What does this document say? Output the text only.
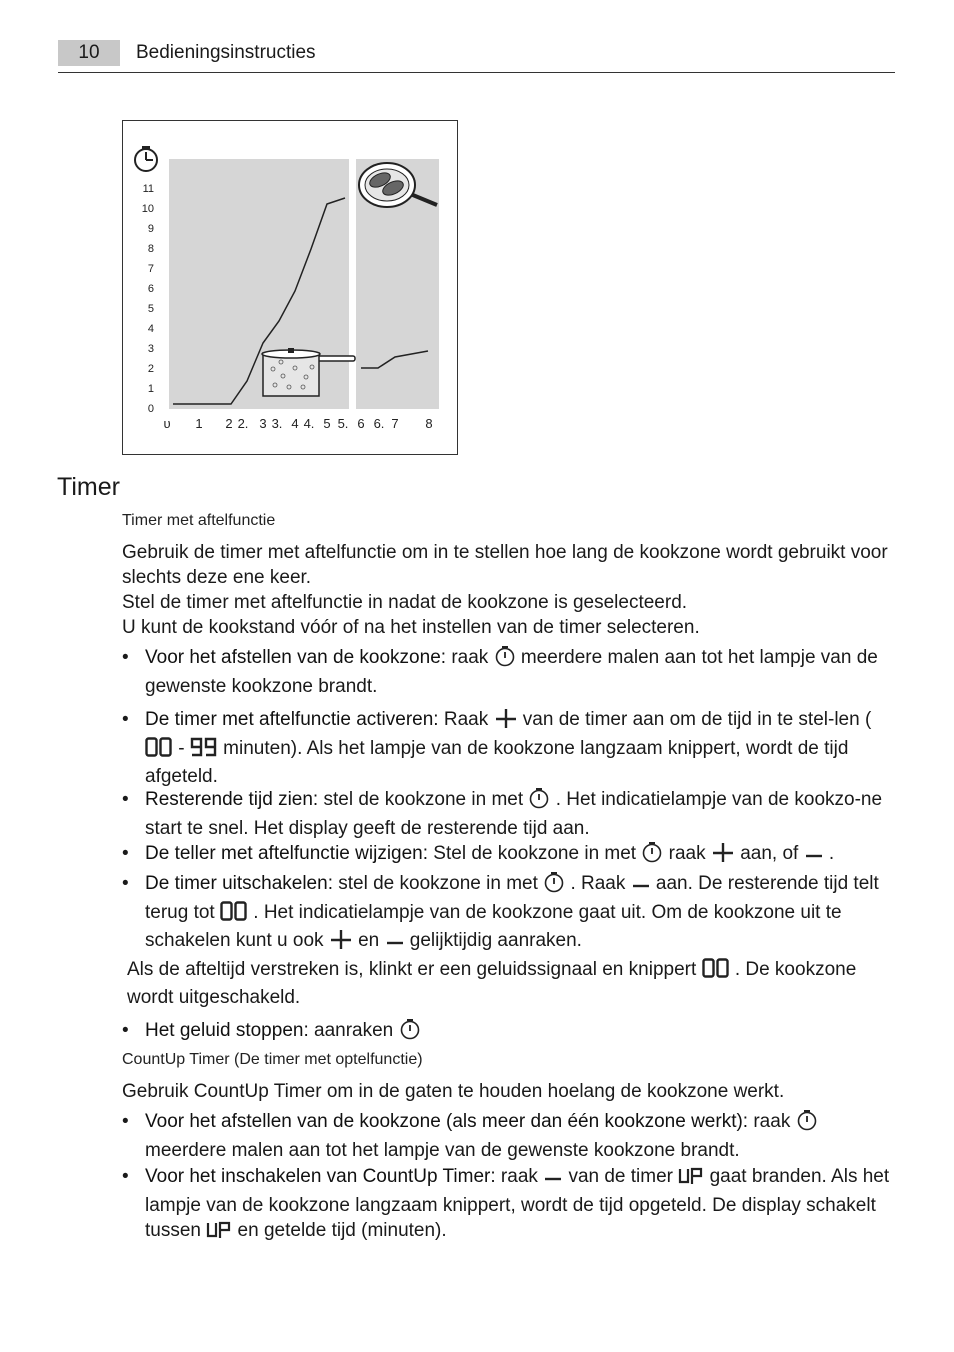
10	Bedieningsinstructies
11
10
9
8
7
6
5
4
3
2
1
0
ᴜ 1 2 2. 3 3. 4 4. 5 5. 6 6. 7 8
Timer
Timer met aftelfunctie
Gebruik de timer met aftelfunctie om in te stellen hoe lang de kookzone wordt gebruikt voor slechts deze ene keer.
Stel de timer met aftelfunctie in nadat de kookzone is geselecteerd.
U kunt de kookstand vóór of na het instellen van de timer selecteren.
• Voor het afstellen van de kookzone: raak meerdere malen aan tot het lampje van de gewenste kookzone brandt.
• De timer met aftelfunctie activeren: Raak van de timer aan om de tijd in te stel-len (  - minuten). Als het lampje van de kookzone langzaam knippert, wordt de tijd afgeteld.
• Resterende tijd zien: stel de kookzone in met . Het indicatielampje van de kookzo-ne start te snel. Het display geeft de resterende tijd aan.
• De teller met aftelfunctie wijzigen: Stel de kookzone in met raak aan, of .
• De timer uitschakelen: stel de kookzone in met . Raak aan. De resterende tijd telt terug tot . Het indicatielampje van de kookzone gaat uit. Om de kookzone uit te schakelen kunt u ook en gelijktijdig aanraken.
Als de afteltijd verstreken is, klinkt er een geluidssignaal en knippert . De kookzone wordt uitgeschakeld.
• Het geluid stoppen: aanraken
CountUp Timer (De timer met optelfunctie)
Gebruik CountUp Timer om in de gaten te houden hoelang de kookzone werkt.
• Voor het afstellen van de kookzone (als meer dan één kookzone werkt): raak  meerdere malen aan tot het lampje van de gewenste kookzone brandt.
• Voor het inschakelen van CountUp Timer: raak van de timer gaat branden. Als het lampje van de kookzone langzaam knippert, wordt de tijd opgeteld. De display schakelt tussen en getelde tijd (minuten).
